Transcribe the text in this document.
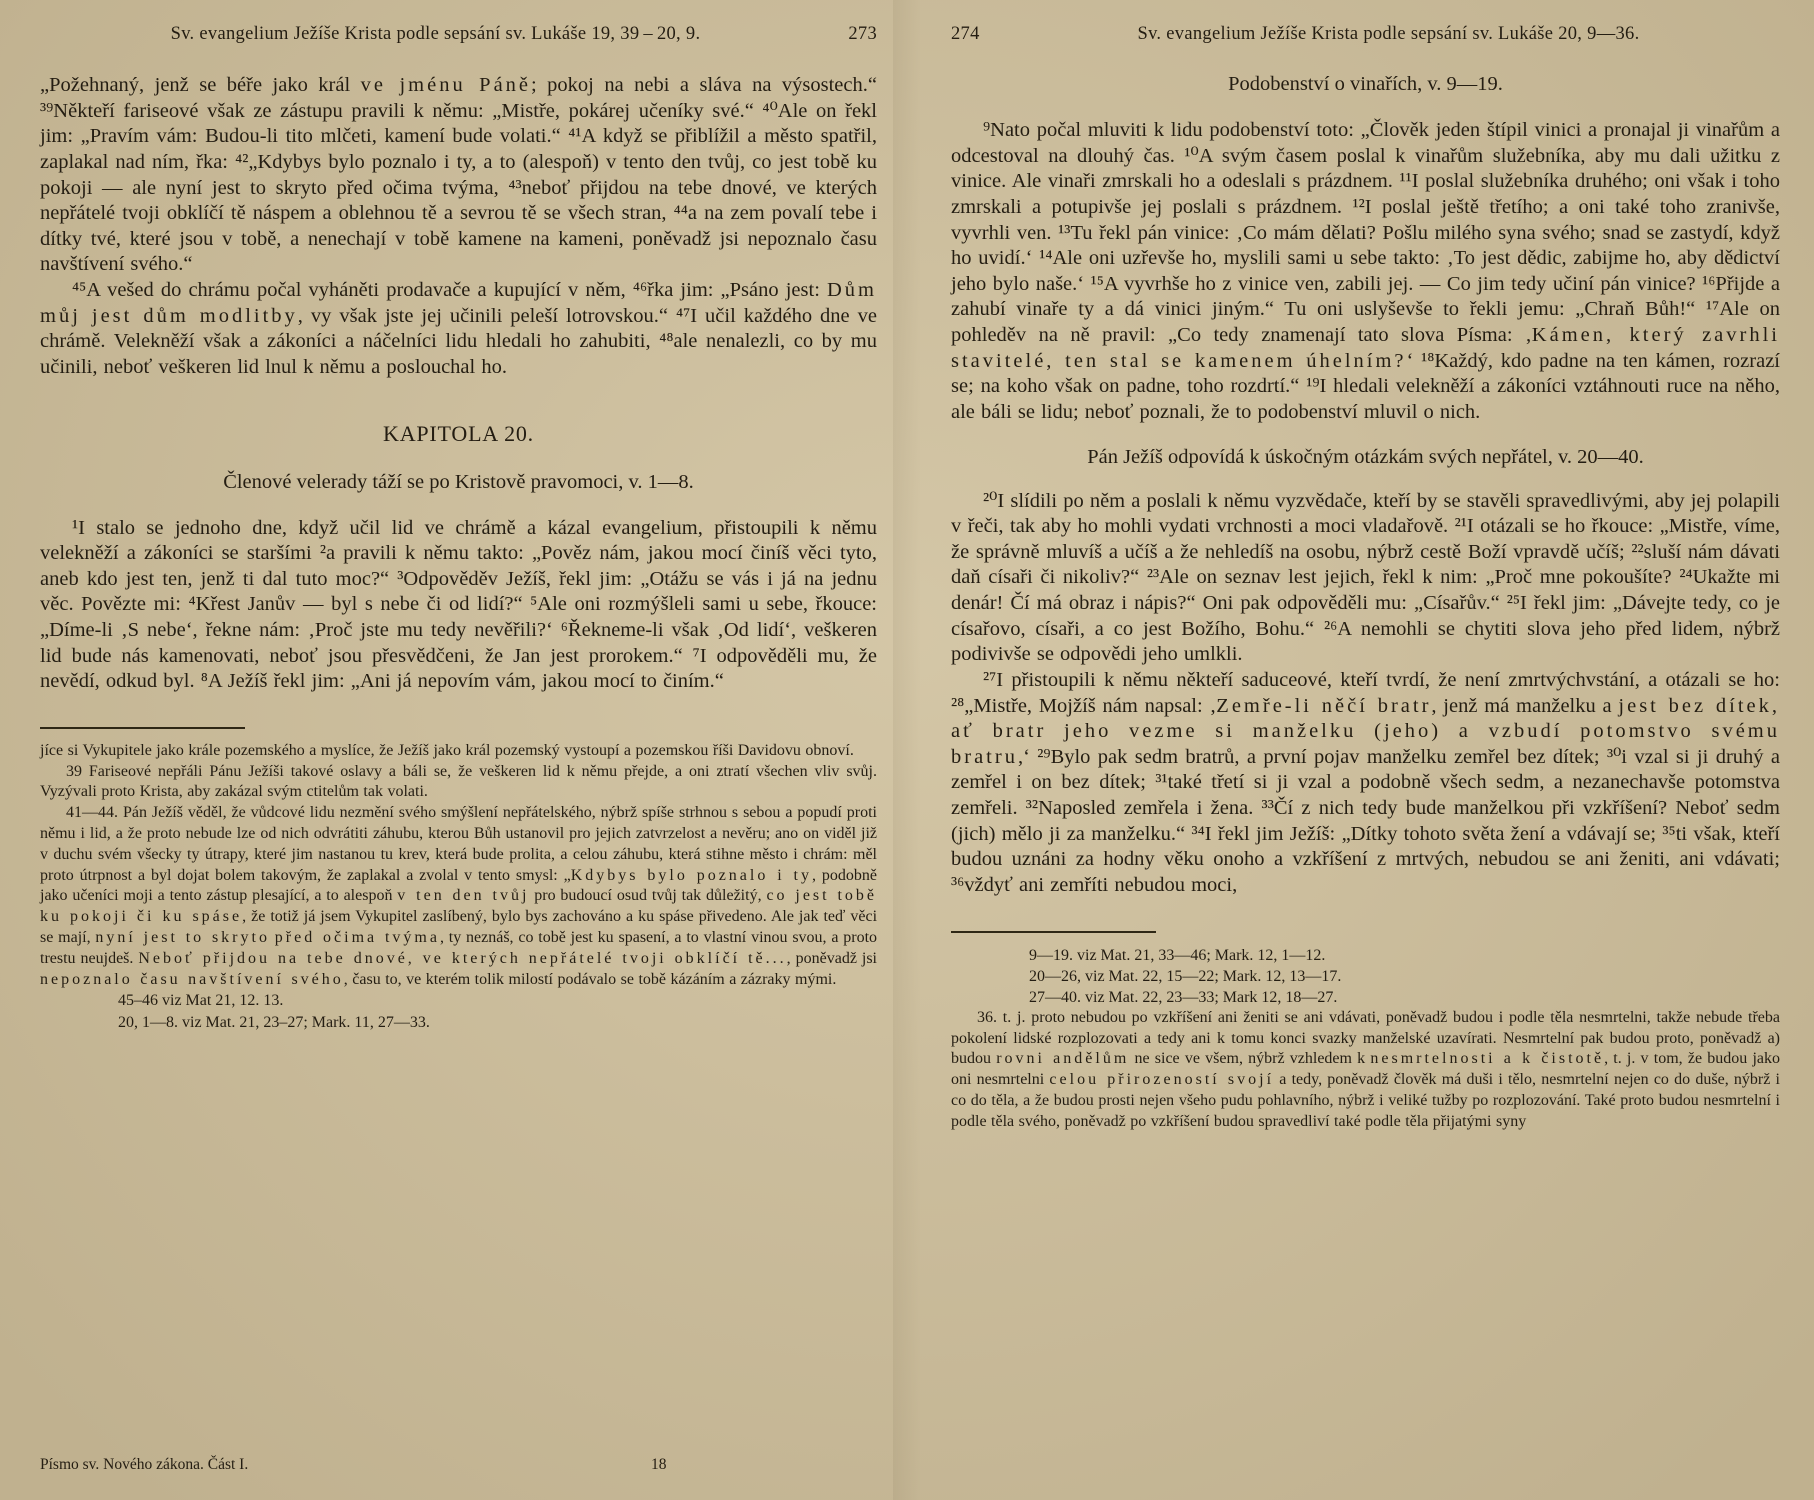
Sv. evangelium Ježíše Krista podle sepsání sv. Lukáše 19, 39 – 20, 9.	273

„Požehnaný, jenž se béře jako král ve jménu Páně; pokoj na nebi a sláva na výsostech.“ ³⁹Někteří fariseové však ze zástupu pravili k němu: „Mistře, pokárej učeníky své.“ ⁴⁰Ale on řekl jim: „Pravím vám: Budou-li tito mlčeti, kamení bude volati.“ ⁴¹A když se přiblížil a město spatřil, zaplakal nad ním, řka: ⁴²„Kdybys bylo poznalo i ty, a to (alespoň) v tento den tvůj, co jest tobě ku pokoji — ale nyní jest to skryto před očima tvýma, ⁴³neboť přijdou na tebe dnové, ve kterých nepřátelé tvoji obklíčí tě náspem a oblehnou tě a sevrou tě se všech stran, ⁴⁴a na zem povalí tebe i dítky tvé, které jsou v tobě, a nenechají v tobě kamene na kameni, poněvadž jsi nepoznalo času navštívení svého.“

⁴⁵A vešed do chrámu počal vyháněti prodavače a kupující v něm, ⁴⁶řka jim: „Psáno jest: Dům můj jest dům modlitby, vy však jste jej učinili peleší lotrovskou.“ ⁴⁷I učil každého dne ve chrámě. Velekněží však a zákoníci a náčelníci lidu hledali ho zahubiti, ⁴⁸ale nenalezli, co by mu učinili, neboť veškeren lid lnul k němu a poslouchal ho.

KAPITOLA 20.
Členové velerady táží se po Kristově pravomoci, v. 1—8.

¹I stalo se jednoho dne, když učil lid ve chrámě a kázal evangelium, přistoupili k němu velekněží a zákoníci se staršími ²a pravili k němu takto: „Pověz nám, jakou mocí činíš věci tyto, aneb kdo jest ten, jenž ti dal tuto moc?“ ³Odpověděv Ježíš, řekl jim: „Otážu se vás i já na jednu věc. Povězte mi: ⁴Křest Janův — byl s nebe či od lidí?“ ⁵Ale oni rozmýšleli sami u sebe, řkouce: „Díme-li ‚S nebe‘, řekne nám: ‚Proč jste mu tedy nevěřili?‘ ⁶Řekneme-li však ‚Od lidí‘, veškeren lid bude nás kamenovati, neboť jsou přesvědčeni, že Jan jest prorokem.“ ⁷I odpověděli mu, že nevědí, odkud byl. ⁸A Ježíš řekl jim: „Ani já nepovím vám, jakou mocí to činím.“

jíce si Vykupitele jako krále pozemského a myslíce, že Ježíš jako král pozemský vystoupí a pozemskou říši Davidovu obnoví.

39 Fariseové nepřáli Pánu Ježíši takové oslavy a báli se, že veškeren lid k němu přejde, a oni ztratí všechen vliv svůj. Vyzývali proto Krista, aby zakázal svým ctitelům tak volati.

41—44. Pán Ježíš věděl, že vůdcové lidu nezmění svého smýšlení nepřátelského, nýbrž spíše strhnou s sebou a popudí proti němu i lid, a že proto nebude lze od nich odvrátiti záhubu, kterou Bůh ustanovil pro jejich zatvrzelost a nevěru; ano on viděl již v duchu svém všecky ty útrapy, které jim nastanou tu krev, která bude prolita, a celou záhubu, která stihne město i chrám: měl proto útrpnost a byl dojat bolem takovým, že zaplakal a zvolal v tento smysl: „Kdybys bylo poznalo i ty, podobně jako učeníci moji a tento zástup plesající, a to alespoň v ten den tvůj pro budoucí osud tvůj tak důležitý, co jest tobě ku pokoji či ku spáse, že totiž já jsem Vykupitel zaslíbený, bylo bys zachováno a ku spáse přivedeno. Ale jak teď věci se mají, nyní jest to skryto před očima tvýma, ty neznáš, co tobě jest ku spasení, a to vlastní vinou svou, a proto trestu neujdeš. Neboť přijdou na tebe dnové, ve kterých nepřátelé tvoji obklíčí tě..., poněvadž jsi nepoznalo času navštívení svého, času to, ve kterém tolik milostí podávalo se tobě kázáním a zázraky mými.

45–46 viz Mat 21, 12. 13.

20, 1—8. viz Mat. 21, 23–27; Mark. 11, 27—33.

Písmo sv. Nového zákona. Část I.	18
274	Sv. evangelium Ježíše Krista podle sepsání sv. Lukáše 20, 9—36.
Podobenství o vinařích, v. 9—19.

⁹Nato počal mluviti k lidu podobenství toto: „Člověk jeden štípil vinici a pronajal ji vinařům a odcestoval na dlouhý čas. ¹⁰A svým časem poslal k vinařům služebníka, aby mu dali užitku z vinice. Ale vinaři zmrskali ho a odeslali s prázdnem. ¹¹I poslal služebníka druhého; oni však i toho zmrskali a potupivše jej poslali s prázdnem. ¹²I poslal ještě třetího; a oni také toho zranivše, vyvrhli ven. ¹³Tu řekl pán vinice: ‚Co mám dělati? Pošlu milého syna svého; snad se zastydí, když ho uvidí.‘ ¹⁴Ale oni uzřevše ho, myslili sami u sebe takto: ‚To jest dědic, zabijme ho, aby dědictví jeho bylo naše.‘ ¹⁵A vyvrhše ho z vinice ven, zabili jej. — Co jim tedy učiní pán vinice? ¹⁶Přijde a zahubí vinaře ty a dá vinici jiným.“ Tu oni uslyševše to řekli jemu: „Chraň Bůh!“ ¹⁷Ale on pohleděv na ně pravil: „Co tedy znamenají tato slova Písma: ‚Kámen, který zavrhli stavitelé, ten stal se kamenem úhelním?‘ ¹⁸Každý, kdo padne na ten kámen, rozrazí se; na koho však on padne, toho rozdrtí.“ ¹⁹I hledali velekněží a zákoníci vztáhnouti ruce na něho, ale báli se lidu; neboť poznali, že to podobenství mluvil o nich.

Pán Ježíš odpovídá k úskočným otázkám svých nepřátel, v. 20—40.

²⁰I slídili po něm a poslali k němu vyzvědače, kteří by se stavěli spravedlivými, aby jej polapili v řeči, tak aby ho mohli vydati vrchnosti a moci vladařově. ²¹I otázali se ho řkouce: „Mistře, víme, že správně mluvíš a učíš a že nehledíš na osobu, nýbrž cestě Boží vpravdě učíš; ²²sluší nám dávati daň císaři či nikoliv?“ ²³Ale on seznav lest jejich, řekl k nim: „Proč mne pokoušíte? ²⁴Ukažte mi denár! Čí má obraz i nápis?“ Oni pak odpověděli mu: „Císařův.“ ²⁵I řekl jim: „Dávejte tedy, co je císařovo, císaři, a co jest Božího, Bohu.“ ²⁶A nemohli se chytiti slova jeho před lidem, nýbrž podivivše se odpovědi jeho umlkli.

²⁷I přistoupili k němu někteří saduceové, kteří tvrdí, že není zmrtvýchvstání, a otázali se ho: ²⁸„Mistře, Mojžíš nám napsal: ‚Zemře-li něčí bratr, jenž má manželku a jest bez dítek, ať bratr jeho vezme si manželku (jeho) a vzbudí potomstvo svému bratru,‘ ²⁹Bylo pak sedm bratrů, a první pojav manželku zemřel bez dítek; ³⁰i vzal si ji druhý a zemřel i on bez dítek; ³¹také třetí si ji vzal a podobně všech sedm, a nezanechavše potomstva zemřeli. ³²Naposled zemřela i žena. ³³Čí z nich tedy bude manželkou při vzkříšení? Neboť sedm (jich) mělo ji za manželku.“ ³⁴I řekl jim Ježíš: „Dítky tohoto světa žení a vdávají se; ³⁵ti však, kteří budou uznáni za hodny věku onoho a vzkříšení z mrtvých, nebudou se ani ženiti, ani vdávati; ³⁶vždyť ani zemříti nebudou moci,

9—19. viz Mat. 21, 33—46; Mark. 12, 1—12.

20—26, viz Mat. 22, 15—22; Mark. 12, 13—17.

27—40. viz Mat. 22, 23—33; Mark 12, 18—27.

36. t. j. proto nebudou po vzkříšení ani ženiti se ani vdávati, poněvadž budou i podle těla nesmrtelni, takže nebude třeba pokolení lidské rozplozovati a tedy ani k tomu konci svazky manželské uzavírati. Nesmrtelní pak budou proto, poněvadž a) budou rovni andělům ne sice ve všem, nýbrž vzhledem k nesmrtelnosti a k čistotě, t. j. v tom, že budou jako oni nesmrtelni celou přirozeností svojí a tedy, poněvadž člověk má duši i tělo, nesmrtelní nejen co do duše, nýbrž i co do těla, a že budou prosti nejen všeho pudu pohlavního, nýbrž i veliké tužby po rozplozování. Také proto budou nesmrtelní i podle těla svého, poněvadž po vzkříšení budou spravedliví také podle těla přijatými syny
